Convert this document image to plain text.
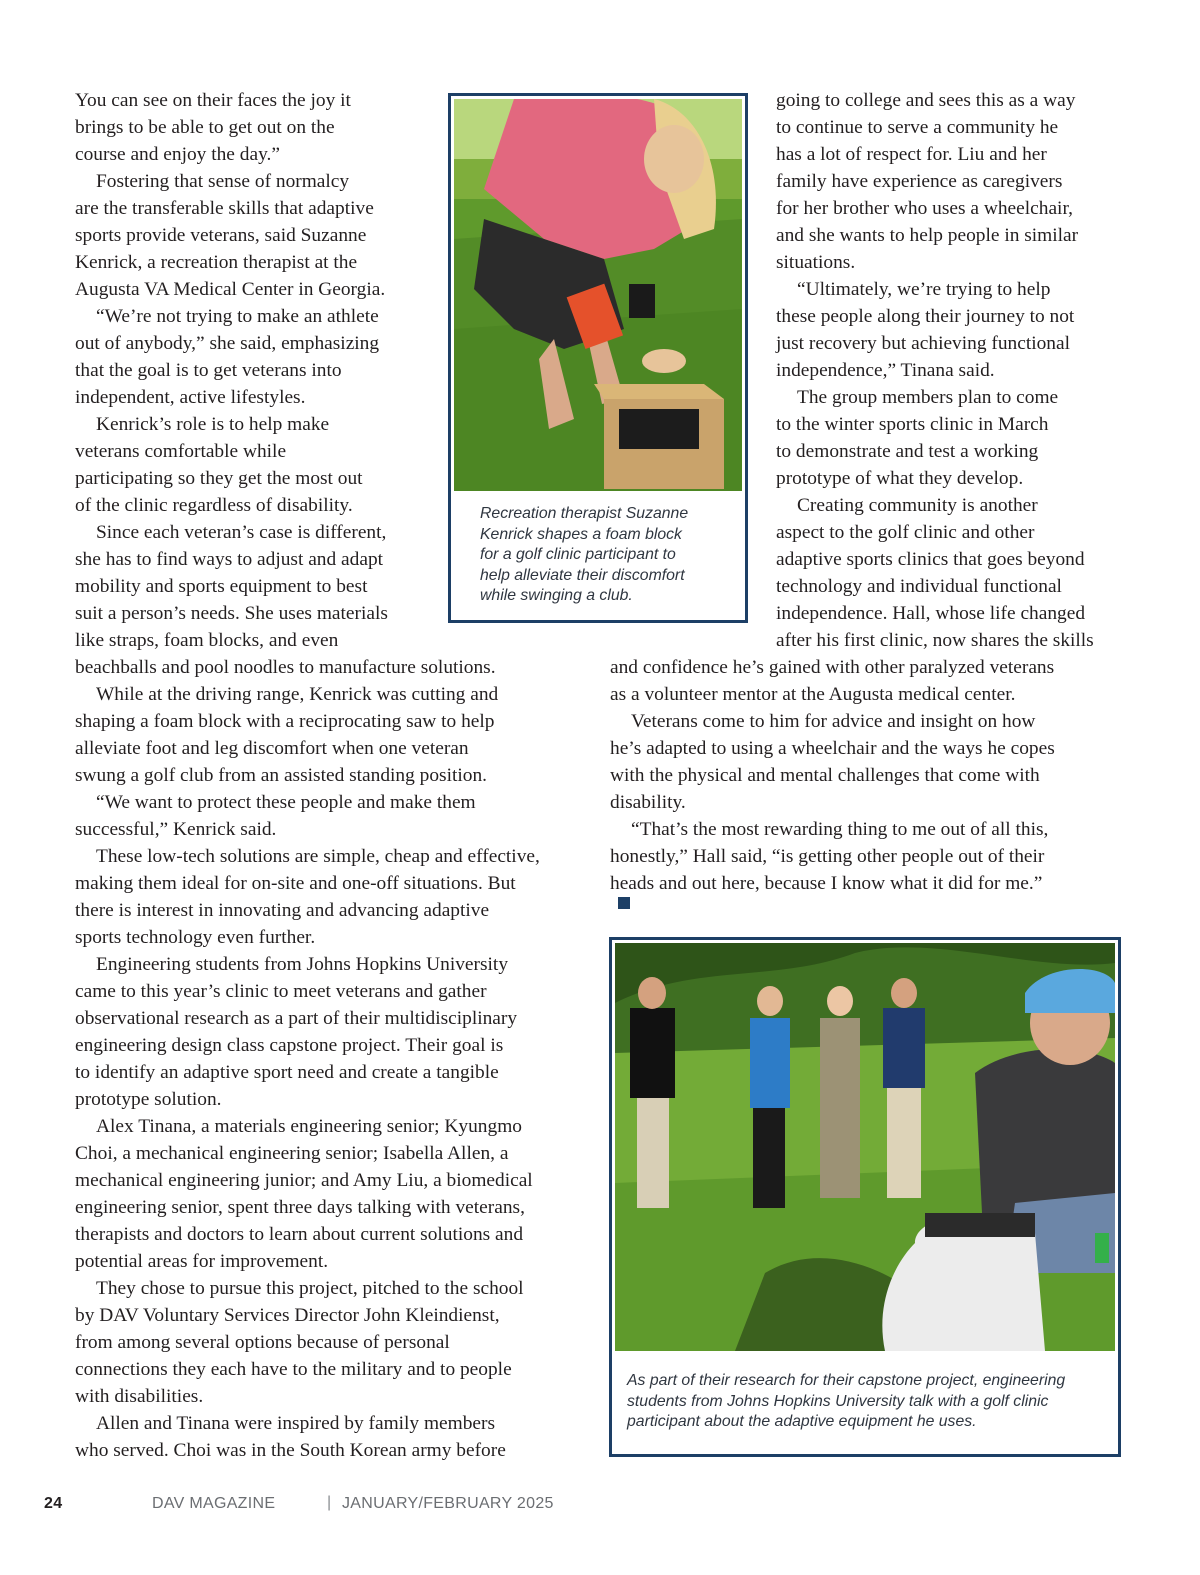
You can see on their faces the joy it
brings to be able to get out on the
course and enjoy the day.”
Fostering that sense of normalcy
are the transferable skills that adaptive
sports provide veterans, said Suzanne
Kenrick, a recreation therapist at the
Augusta VA Medical Center in Georgia.
“We’re not trying to make an athlete
out of anybody,” she said, emphasizing
that the goal is to get veterans into
independent, active lifestyles.
Kenrick’s role is to help make
veterans comfortable while
participating so they get the most out
of the clinic regardless of disability.
Since each veteran’s case is different,
she has to find ways to adjust and adapt
mobility and sports equipment to best
suit a person’s needs. She uses materials
like straps, foam blocks, and even
beachballs and pool noodles to manufacture solutions.
While at the driving range, Kenrick was cutting and
shaping a foam block with a reciprocating saw to help
alleviate foot and leg discomfort when one veteran
swung a golf club from an assisted standing position.
“We want to protect these people and make them
successful,” Kenrick said.
These low-tech solutions are simple, cheap and effective,
making them ideal for on-site and one-off situations. But
there is interest in innovating and advancing adaptive
sports technology even further.
Engineering students from Johns Hopkins University
came to this year’s clinic to meet veterans and gather
observational research as a part of their multidisciplinary
engineering design class capstone project. Their goal is
to identify an adaptive sport need and create a tangible
prototype solution.
Alex Tinana, a materials engineering senior; Kyungmo
Choi, a mechanical engineering senior; Isabella Allen, a
mechanical engineering junior; and Amy Liu, a biomedical
engineering senior, spent three days talking with veterans,
therapists and doctors to learn about current solutions and
potential areas for improvement.
They chose to pursue this project, pitched to the school
by DAV Voluntary Services Director John Kleindienst,
from among several options because of personal
connections they each have to the military and to people
with disabilities.
Allen and Tinana were inspired by family members
who served. Choi was in the South Korean army before
Recreation therapist Suzanne
Kenrick shapes a foam block
for a golf clinic participant to
help alleviate their discomfort
while swinging a club.
going to college and sees this as a way
to continue to serve a community he
has a lot of respect for. Liu and her
family have experience as caregivers
for her brother who uses a wheelchair,
and she wants to help people in similar
situations.
“Ultimately, we’re trying to help
these people along their journey to not
just recovery but achieving functional
independence,” Tinana said.
The group members plan to come
to the winter sports clinic in March
to demonstrate and test a working
prototype of what they develop.
Creating community is another
aspect to the golf clinic and other
adaptive sports clinics that goes beyond
technology and individual functional
independence. Hall, whose life changed
after his first clinic, now shares the skills
and confidence he’s gained with other paralyzed veterans
as a volunteer mentor at the Augusta medical center.
Veterans come to him for advice and insight on how
he’s adapted to using a wheelchair and the ways he copes
with the physical and mental challenges that come with
disability.
“That’s the most rewarding thing to me out of all this,
honestly,” Hall said, “is getting other people out of their
heads and out here, because I know what it did for me.”
As part of their research for their capstone project, engineering
students from Johns Hopkins University talk with a golf clinic
participant about the adaptive equipment he uses.
24	DAV MAGAZINE	| JANUARY/FEBRUARY 2025
